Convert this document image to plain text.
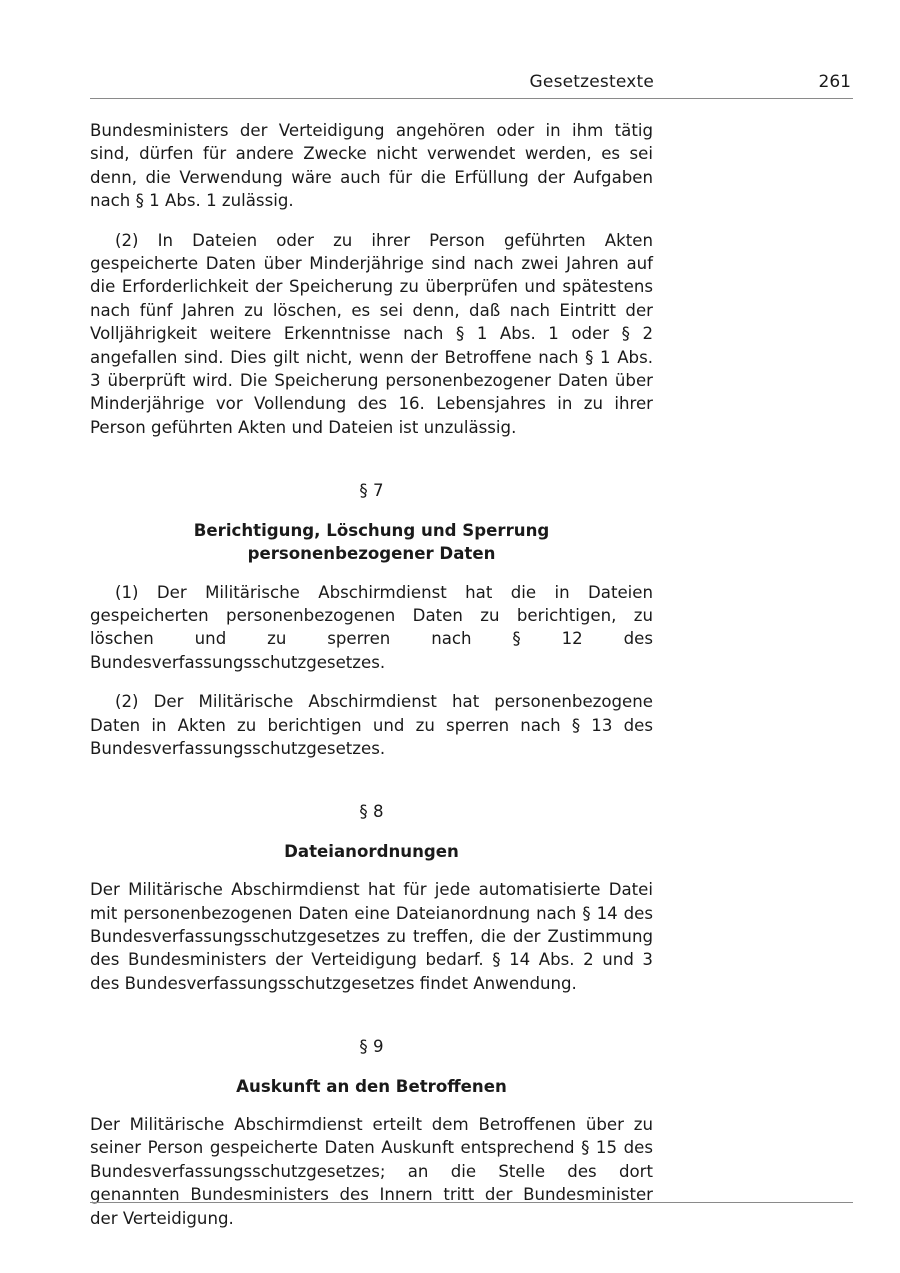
Gesetzestexte	261

Bundesministers der Verteidigung angehören oder in ihm tätig sind, dürfen für andere Zwecke nicht verwendet werden, es sei denn, die Verwendung wäre auch für die Erfüllung der Aufgaben nach § 1 Abs. 1 zulässig.

(2) In Dateien oder zu ihrer Person geführten Akten gespeicherte Daten über Minderjährige sind nach zwei Jahren auf die Erforderlichkeit der Speicherung zu überprüfen und spätestens nach fünf Jahren zu löschen, es sei denn, daß nach Eintritt der Volljährigkeit weitere Erkenntnisse nach § 1 Abs. 1 oder § 2 angefallen sind. Dies gilt nicht, wenn der Betroffene nach § 1 Abs. 3 überprüft wird. Die Speicherung personenbezogener Daten über Minderjährige vor Vollendung des 16. Lebensjahres in zu ihrer Person geführten Akten und Dateien ist unzulässig.

§ 7
Berichtigung, Löschung und Sperrung
personenbezogener Daten

(1) Der Militärische Abschirmdienst hat die in Dateien gespeicherten personenbezogenen Daten zu berichtigen, zu löschen und zu sperren nach § 12 des Bundesverfassungsschutzgesetzes.

(2) Der Militärische Abschirmdienst hat personenbezogene Daten in Akten zu berichtigen und zu sperren nach § 13 des Bundesverfassungsschutzgesetzes.

§ 8
Dateianordnungen

Der Militärische Abschirmdienst hat für jede automatisierte Datei mit personenbezogenen Daten eine Dateianordnung nach § 14 des Bundesverfassungsschutzgesetzes zu treffen, die der Zustimmung des Bundesministers der Verteidigung bedarf. § 14 Abs. 2 und 3 des Bundesverfassungsschutzgesetzes findet Anwendung.

§ 9
Auskunft an den Betroffenen

Der Militärische Abschirmdienst erteilt dem Betroffenen über zu seiner Person gespeicherte Daten Auskunft entsprechend § 15 des Bundesverfassungsschutzgesetzes; an die Stelle des dort genannten Bundesministers des Innern tritt der Bundesminister der Verteidigung.
